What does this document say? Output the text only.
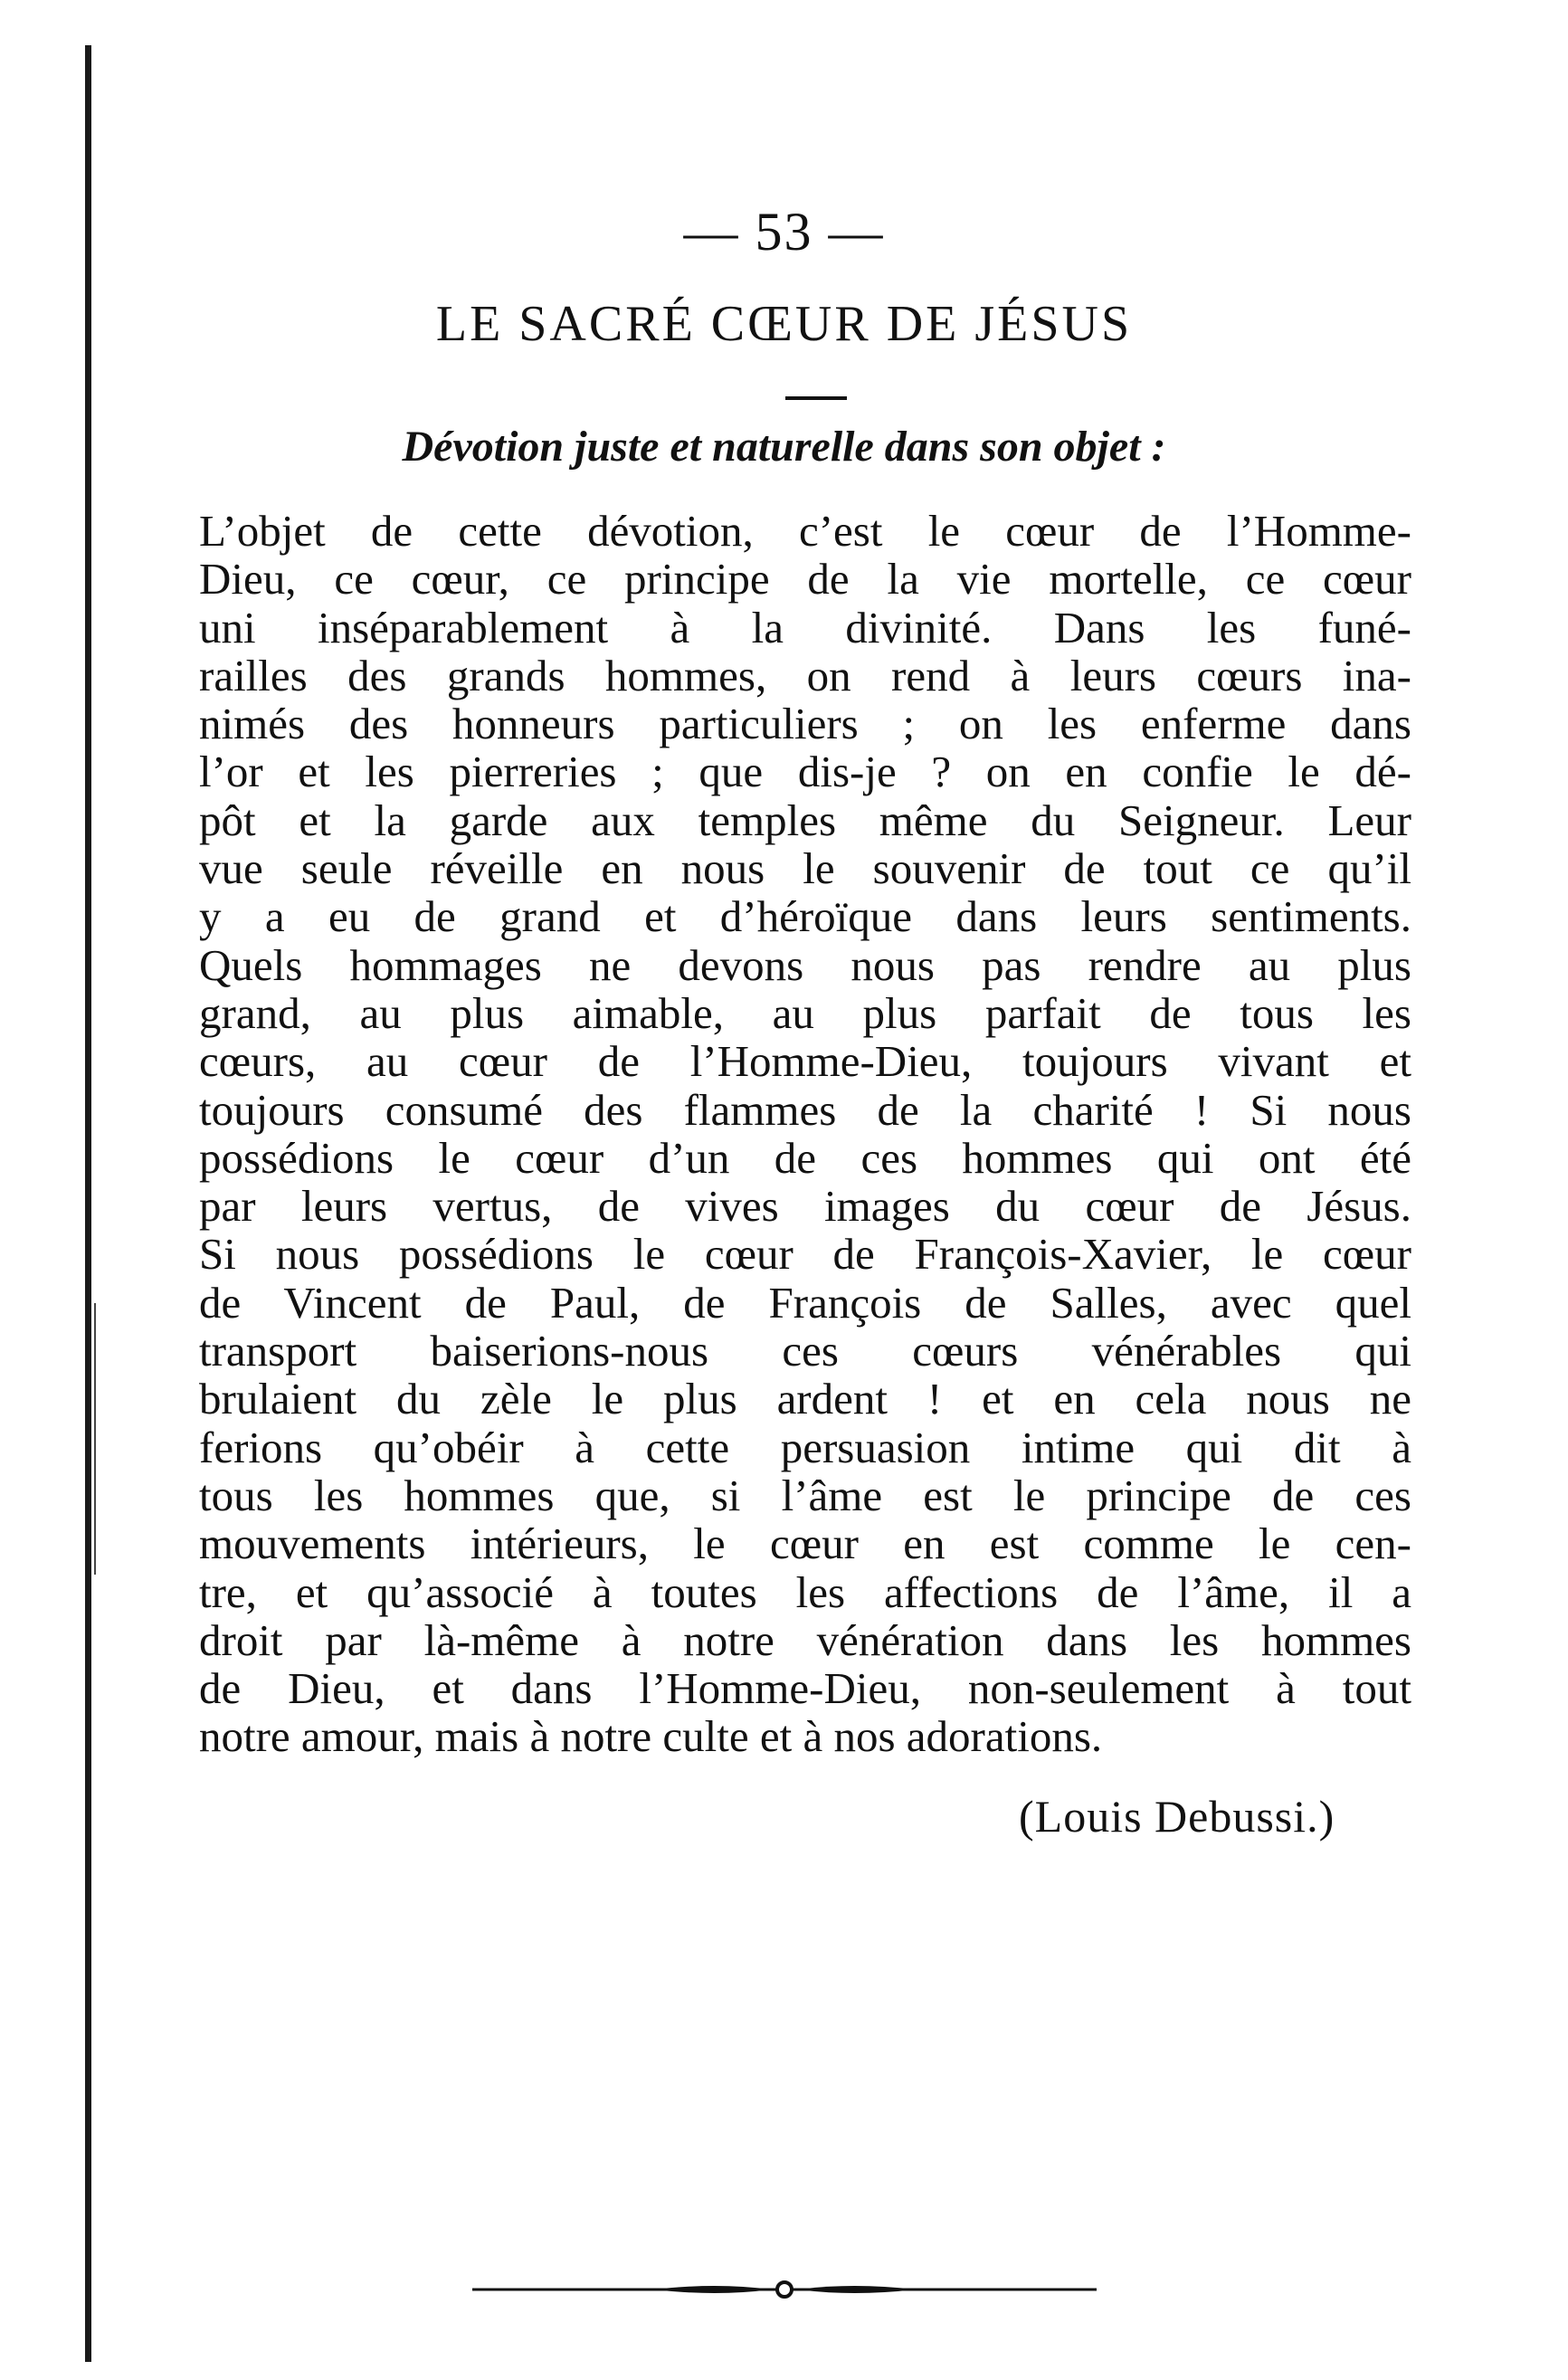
— 53 —
LE SACRÉ CŒUR DE JÉSUS
Dévotion juste et naturelle dans son objet :
L’objet de cette dévotion, c’est le cœur de l’Homme-
Dieu, ce cœur, ce principe de la vie mortelle, ce cœur
uni inséparablement à la divinité. Dans les funé-
railles des grands hommes, on rend à leurs cœurs ina-
nimés des honneurs particuliers ; on les enferme dans
l’or et les pierreries ; que dis-je ? on en confie le dé-
pôt et la garde aux temples même du Seigneur. Leur
vue seule réveille en nous le souvenir de tout ce qu’il
y a eu de grand et d’héroïque dans leurs sentiments.
Quels hommages ne devons nous pas rendre au plus
grand, au plus aimable, au plus parfait de tous les
cœurs, au cœur de l’Homme-Dieu, toujours vivant et
toujours consumé des flammes de la charité ! Si nous
possédions le cœur d’un de ces hommes qui ont été
par leurs vertus, de vives images du cœur de Jésus.
Si nous possédions le cœur de François-Xavier, le cœur
de Vincent de Paul, de François de Salles, avec quel
transport baiserions-nous ces cœurs vénérables qui
brulaient du zèle le plus ardent ! et en cela nous ne
ferions qu’obéir à cette persuasion intime qui dit à
tous les hommes que, si l’âme est le principe de ces
mouvements intérieurs, le cœur en est comme le cen-
tre, et qu’associé à toutes les affections de l’âme, il a
droit par là-même à notre vénération dans les hommes
de Dieu, et dans l’Homme-Dieu, non-seulement à tout
notre amour, mais à notre culte et à nos adorations.
(Louis Debussi.)
